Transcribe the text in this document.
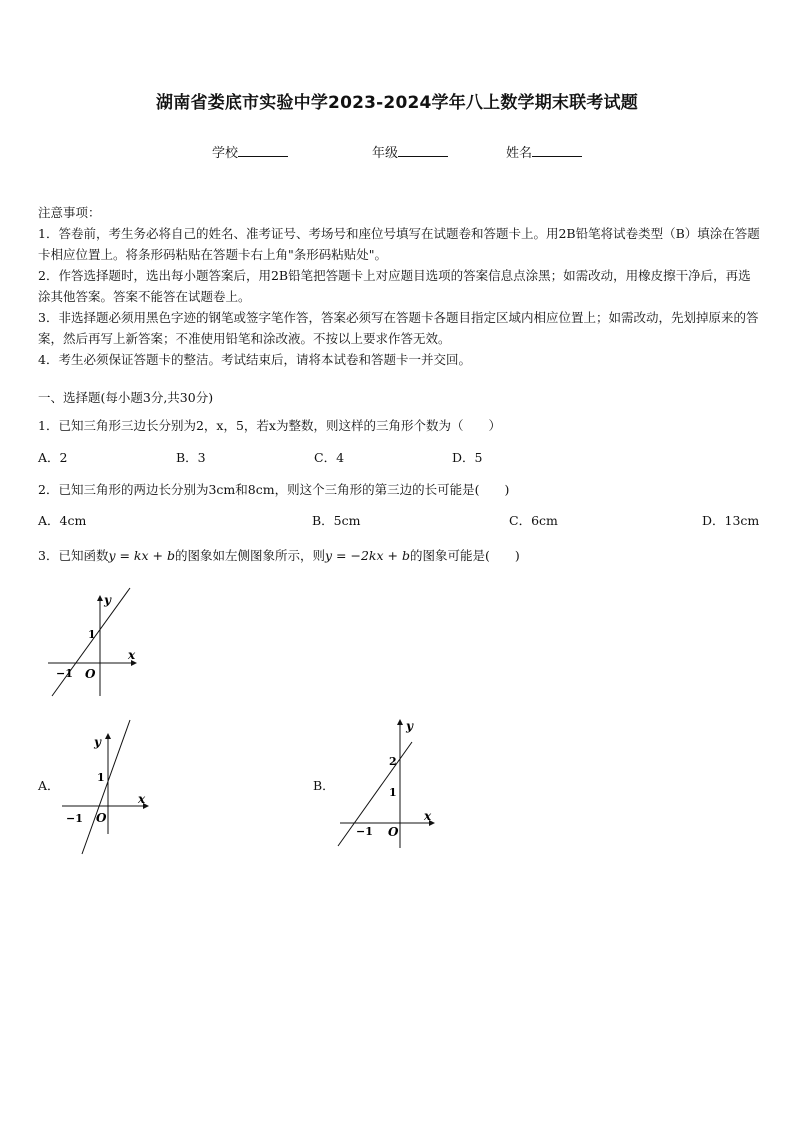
湖南省娄底市实验中学2023-2024学年八上数学期末联考试题
学校	年级	姓名

注意事项：

1．答卷前，考生务必将自己的姓名、准考证号、考场号和座位号填写在试题卷和答题卡上。用2B铅笔将试卷类型（B）填涂在答题卡相应位置上。将条形码粘贴在答题卡右上角"条形码粘贴处"。

2．作答选择题时，选出每小题答案后，用2B铅笔把答题卡上对应题目选项的答案信息点涂黑；如需改动，用橡皮擦干净后，再选涂其他答案。答案不能答在试题卷上。

3．非选择题必须用黑色字迹的钢笔或签字笔作答，答案必须写在答题卡各题目指定区域内相应位置上；如需改动，先划掉原来的答案，然后再写上新答案；不准使用铅笔和涂改液。不按以上要求作答无效。

4．考生必须保证答题卡的整洁。考试结束后，请将本试卷和答题卡一并交回。

一、选择题(每小题3分,共30分)
1．已知三角形三边长分别为2，x，5，若x为整数，则这样的三角形个数为（　　）
A．2	B．3	C．4	D．5
2．已知三角形的两边长分别为3cm和8cm，则这个三角形的第三边的长可能是(　　)
A．4cm	B．5cm	C．6cm	D．13cm
3．已知函数y = kx + b的图象如左侧图象所示，则y = −2kx + b的图象可能是(　　)
x
y
O
1
−1
A．
x
y
O
1
−1
B．
x
y
O
2
1
−1
